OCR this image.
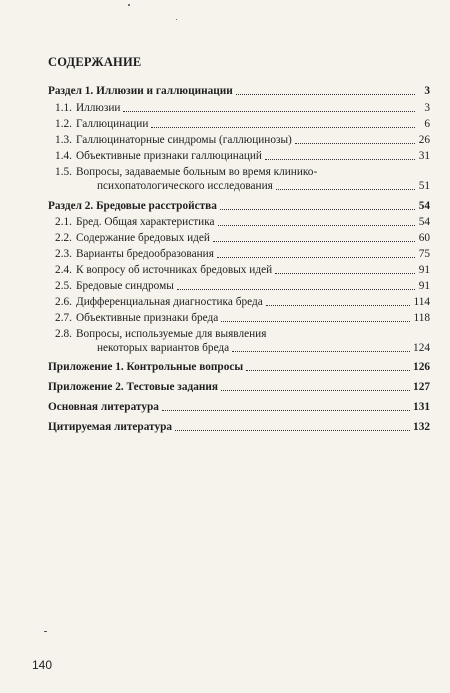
СОДЕРЖАНИЕ
Раздел 1. Иллюзии и галлюцинации	3
1.1. Иллюзии	3
1.2. Галлюцинации	6
1.3. Галлюцинаторные синдромы (галлюцинозы)	26
1.4. Объективные признаки галлюцинаций	31
1.5. Вопросы, задаваемые больным во время клинико-
психопатологического исследования	51
Раздел 2. Бредовые расстройства	54
2.1. Бред. Общая характеристика	54
2.2. Содержание бредовых идей	60
2.3. Варианты бредообразования	75
2.4. К вопросу об источниках бредовых идей	91
2.5. Бредовые синдромы	91
2.6. Дифференциальная диагностика бреда	114
2.7. Объективные признаки бреда	118
2.8. Вопросы, используемые для выявления
некоторых вариантов бреда	124
Приложение 1. Контрольные вопросы	126
Приложение 2. Тестовые задания	127
Основная литература	131
Цитируемая литература	132
140
